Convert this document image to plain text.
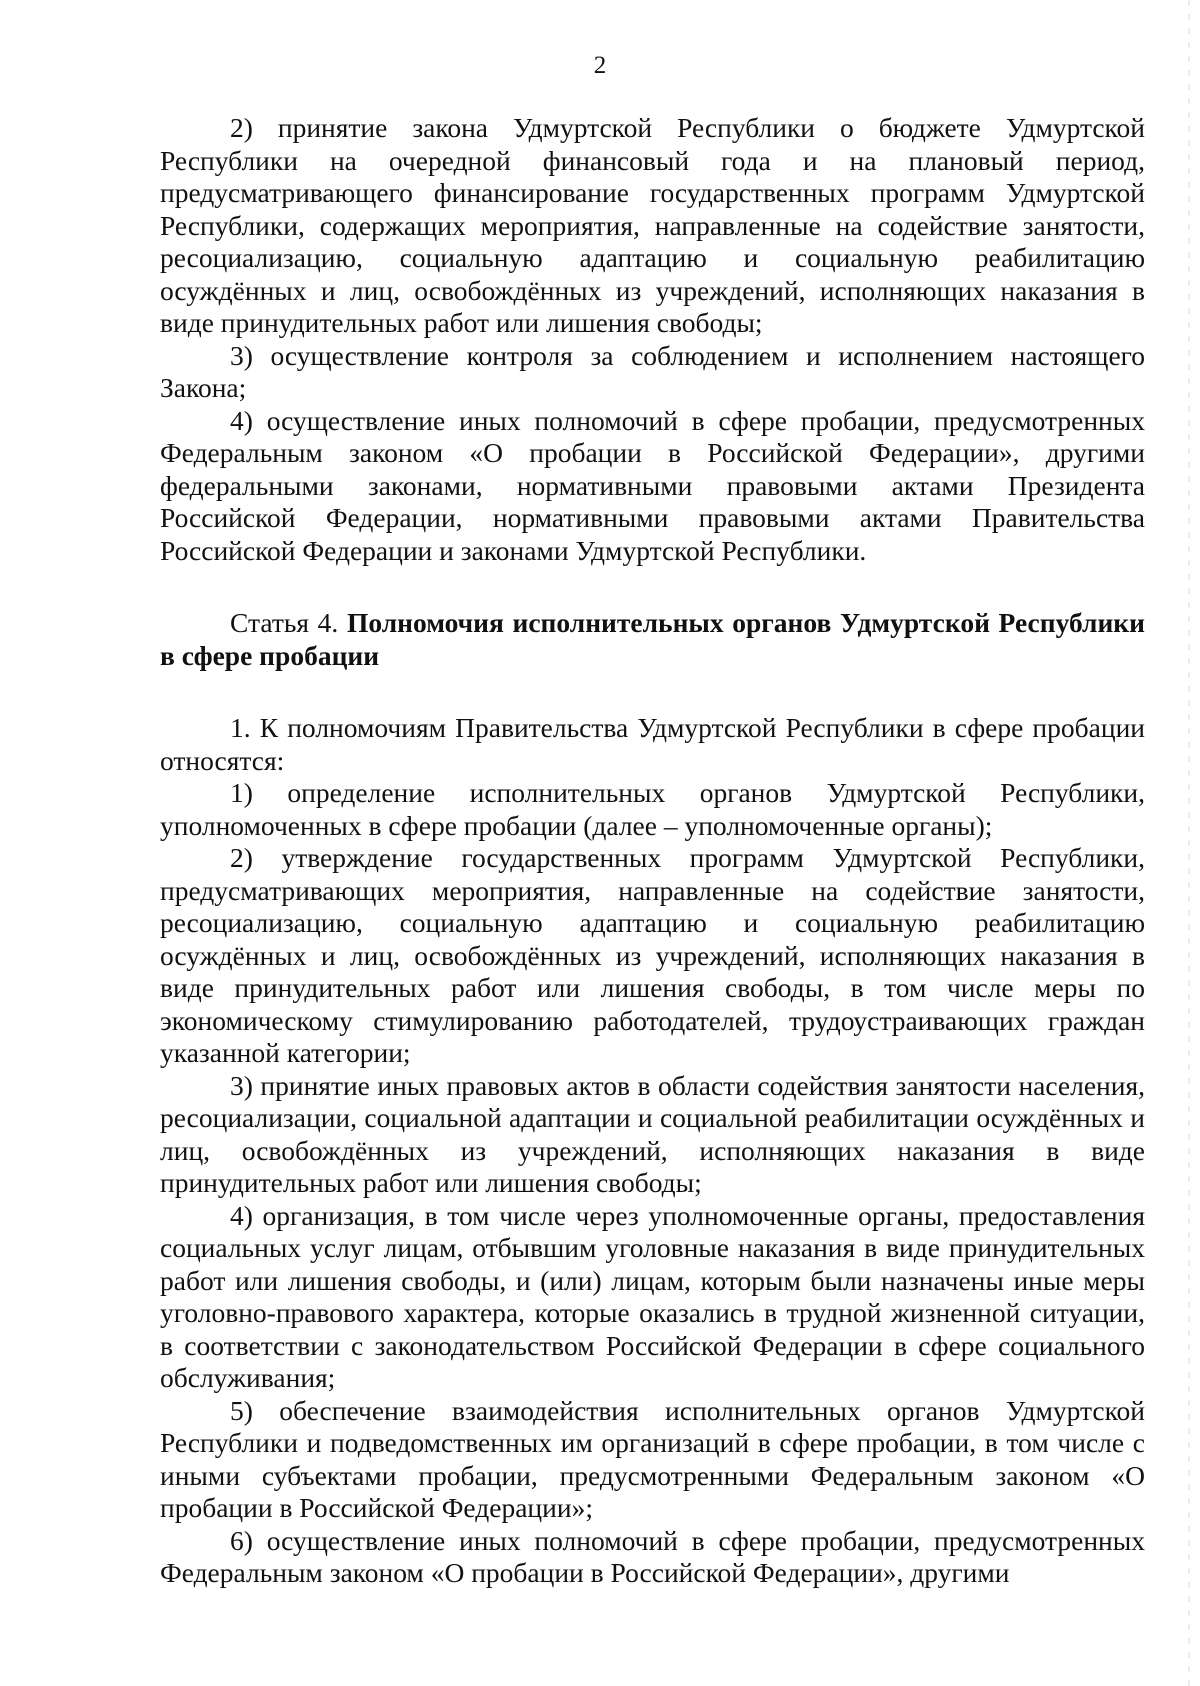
2

2) принятие закона Удмуртской Республики о бюджете Удмуртской Республики на очередной финансовый года и на плановый период, предусматривающего финансирование государственных программ Удмуртской Республики, содержащих мероприятия, направленные на содействие занятости, ресоциализацию, социальную адаптацию и социальную реабилитацию осуждённых и лиц, освобождённых из учреждений, исполняющих наказания в виде принудительных работ или лишения свободы;

3) осуществление контроля за соблюдением и исполнением настоящего Закона;

4) осуществление иных полномочий в сфере пробации, предусмотренных Федеральным законом «О пробации в Российской Федерации», другими федеральными законами, нормативными правовыми актами Президента Российской Федерации, нормативными правовыми актами Правительства Российской Федерации и законами Удмуртской Республики.

Статья 4. Полномочия исполнительных органов Удмуртской Республики в сфере пробации

1. К полномочиям Правительства Удмуртской Республики в сфере пробации относятся:

1) определение исполнительных органов Удмуртской Республики, уполномоченных в сфере пробации (далее – уполномоченные органы);

2) утверждение государственных программ Удмуртской Республики, предусматривающих мероприятия, направленные на содействие занятости, ресоциализацию, социальную адаптацию и социальную реабилитацию осуждённых и лиц, освобождённых из учреждений, исполняющих наказания в виде принудительных работ или лишения свободы, в том числе меры по экономическому стимулированию работодателей, трудоустраивающих граждан указанной категории;

3) принятие иных правовых актов в области содействия занятости населения, ресоциализации, социальной адаптации и социальной реабилитации осуждённых и лиц, освобождённых из учреждений, исполняющих наказания в виде принудительных работ или лишения свободы;

4) организация, в том числе через уполномоченные органы, предоставления социальных услуг лицам, отбывшим уголовные наказания в виде принудительных работ или лишения свободы, и (или) лицам, которым были назначены иные меры уголовно-правового характера, которые оказались в трудной жизненной ситуации, в соответствии с законодательством Российской Федерации в сфере социального обслуживания;

5) обеспечение взаимодействия исполнительных органов Удмуртской Республики и подведомственных им организаций в сфере пробации, в том числе с иными субъектами пробации, предусмотренными Федеральным законом «О пробации в Российской Федерации»;

6) осуществление иных полномочий в сфере пробации, предусмотренных Федеральным законом «О пробации в Российской Федерации», другими
